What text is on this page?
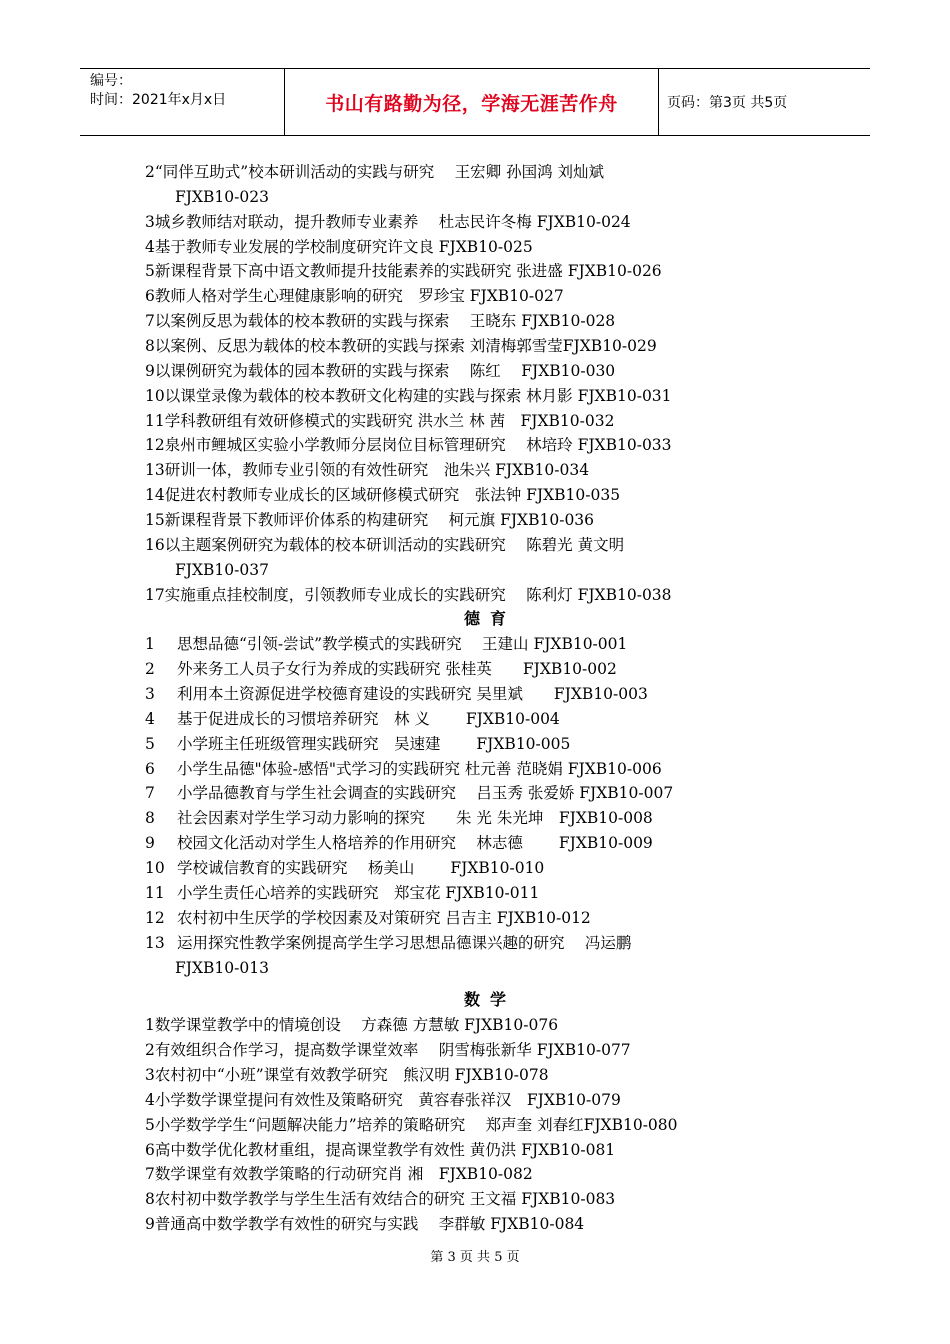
编号：
时间：2021年x月x日	书山有路勤为径，学海无涯苦作舟	页码：第3页 共5页
2“同伴互助式”校本研训活动的实践与研究　 王宏卿 孙国鸿 刘灿斌
FJXB10-023
3城乡教师结对联动，提升教师专业素养　 杜志民许冬梅 FJXB10-024
4基于教师专业发展的学校制度研究许文良 FJXB10-025
5新课程背景下高中语文教师提升技能素养的实践研究 张进盛 FJXB10-026
6教师人格对学生心理健康影响的研究　罗珍宝 FJXB10-027
7以案例反思为载体的校本教研的实践与探索　 王晓东 FJXB10-028
8以案例、反思为载体的校本教研的实践与探索 刘清梅郭雪莹FJXB10-029
9以课例研究为载体的园本教研的实践与探索　 陈红　 FJXB10-030
10以课堂录像为载体的校本教研文化构建的实践与探索 林月影 FJXB10-031
11学科教研组有效研修模式的实践研究 洪水兰 林 茜　FJXB10-032
12泉州市鲤城区实验小学教师分层岗位目标管理研究　 林培玲 FJXB10-033
13研训一体，教师专业引领的有效性研究　池朱兴 FJXB10-034
14促进农村教师专业成长的区域研修模式研究　张法钟 FJXB10-035
15新课程背景下教师评价体系的构建研究　 柯元旗 FJXB10-036
16以主题案例研究为载体的校本研训活动的实践研究　 陈碧光 黄文明
FJXB10-037
17实施重点挂校制度，引领教师专业成长的实践研究　 陈利灯 FJXB10-038
德育
1 思想品德“引领-尝试”教学模式的实践研究　 王建山 FJXB10-001
2 外来务工人员子女行为养成的实践研究 张桂英　　FJXB10-002
3 利用本土资源促进学校德育建设的实践研究 吴里斌　　FJXB10-003
4 基于促进成长的习惯培养研究　林 义　　 FJXB10-004
5 小学班主任班级管理实践研究　吴速建　　 FJXB10-005
6 小学生品德"体验-感悟"式学习的实践研究 杜元善 范晓娟 FJXB10-006
7 小学品德教育与学生社会调查的实践研究　 吕玉秀 张爱娇 FJXB10-007
8 社会因素对学生学习动力影响的探究　　朱 光 朱光坤　FJXB10-008
9 校园文化活动对学生人格培养的作用研究　 林志德　　 FJXB10-009
10 学校诚信教育的实践研究　 杨美山　　 FJXB10-010
11 小学生责任心培养的实践研究　郑宝花 FJXB10-011
12 农村初中生厌学的学校因素及对策研究 吕吉主 FJXB10-012
13 运用探究性教学案例提高学生学习思想品德课兴趣的研究　 冯运鹏
FJXB10-013
数学
1数学课堂教学中的情境创设　 方森德 方慧敏 FJXB10-076
2有效组织合作学习，提高数学课堂效率　 阴雪梅张新华 FJXB10-077
3农村初中“小班”课堂有效教学研究　熊汉明 FJXB10-078
4小学数学课堂提问有效性及策略研究　黄容春张祥汉　FJXB10-079
5小学数学学生“问题解决能力”培养的策略研究　 郑声奎 刘春红FJXB10-080
6高中数学优化教材重组，提高课堂教学有效性 黄仍洪 FJXB10-081
7数学课堂有效教学策略的行动研究肖 湘　FJXB10-082
8农村初中数学教学与学生生活有效结合的研究 王文福 FJXB10-083
9普通高中数学教学有效性的研究与实践　 李群敏 FJXB10-084
第 3 页 共 5 页
